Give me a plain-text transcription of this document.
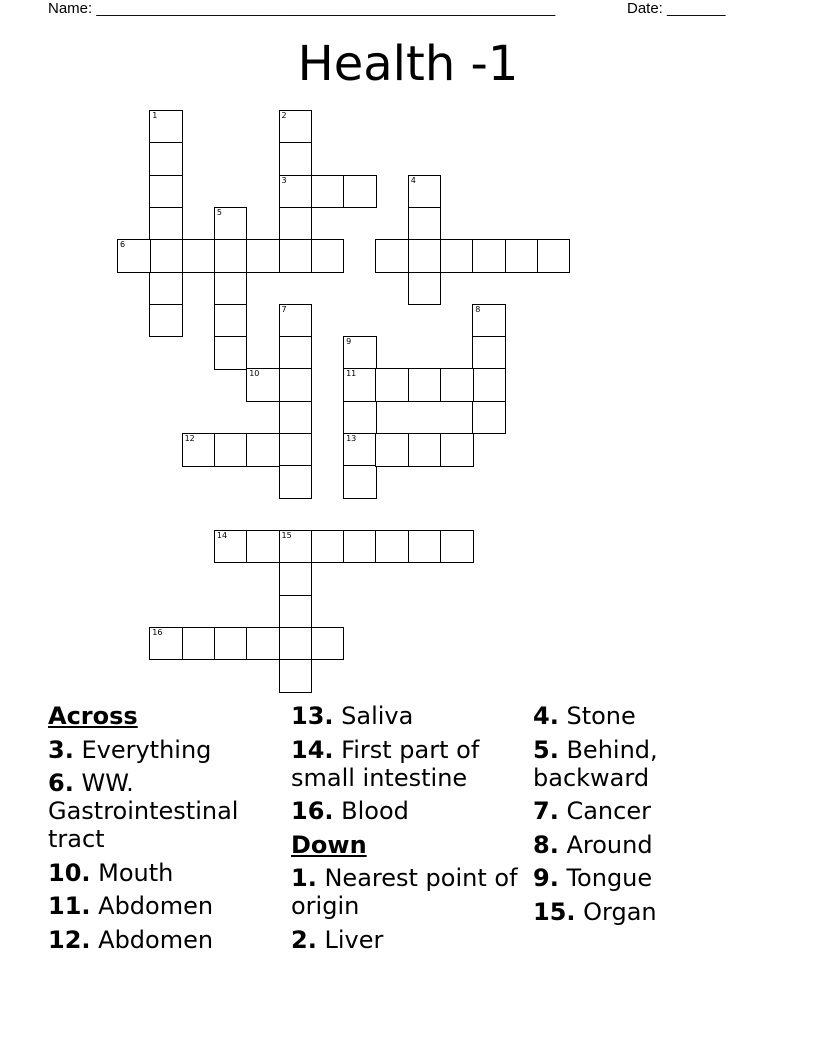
Name: _______________________________________________________	Date: _______
Health -1
1	2
3	4
5
6
7	8
9
11
13
10
12
14	15
16
Across
3. Everything
6. WW. Gastrointestinal tract
10. Mouth
11. Abdomen
12. Abdomen
13. Saliva
14. First part of small intestine
16. Blood
Down
1. Nearest point of origin
2. Liver
4. Stone
5. Behind, backward
7. Cancer
8. Around
9. Tongue
15. Organ
